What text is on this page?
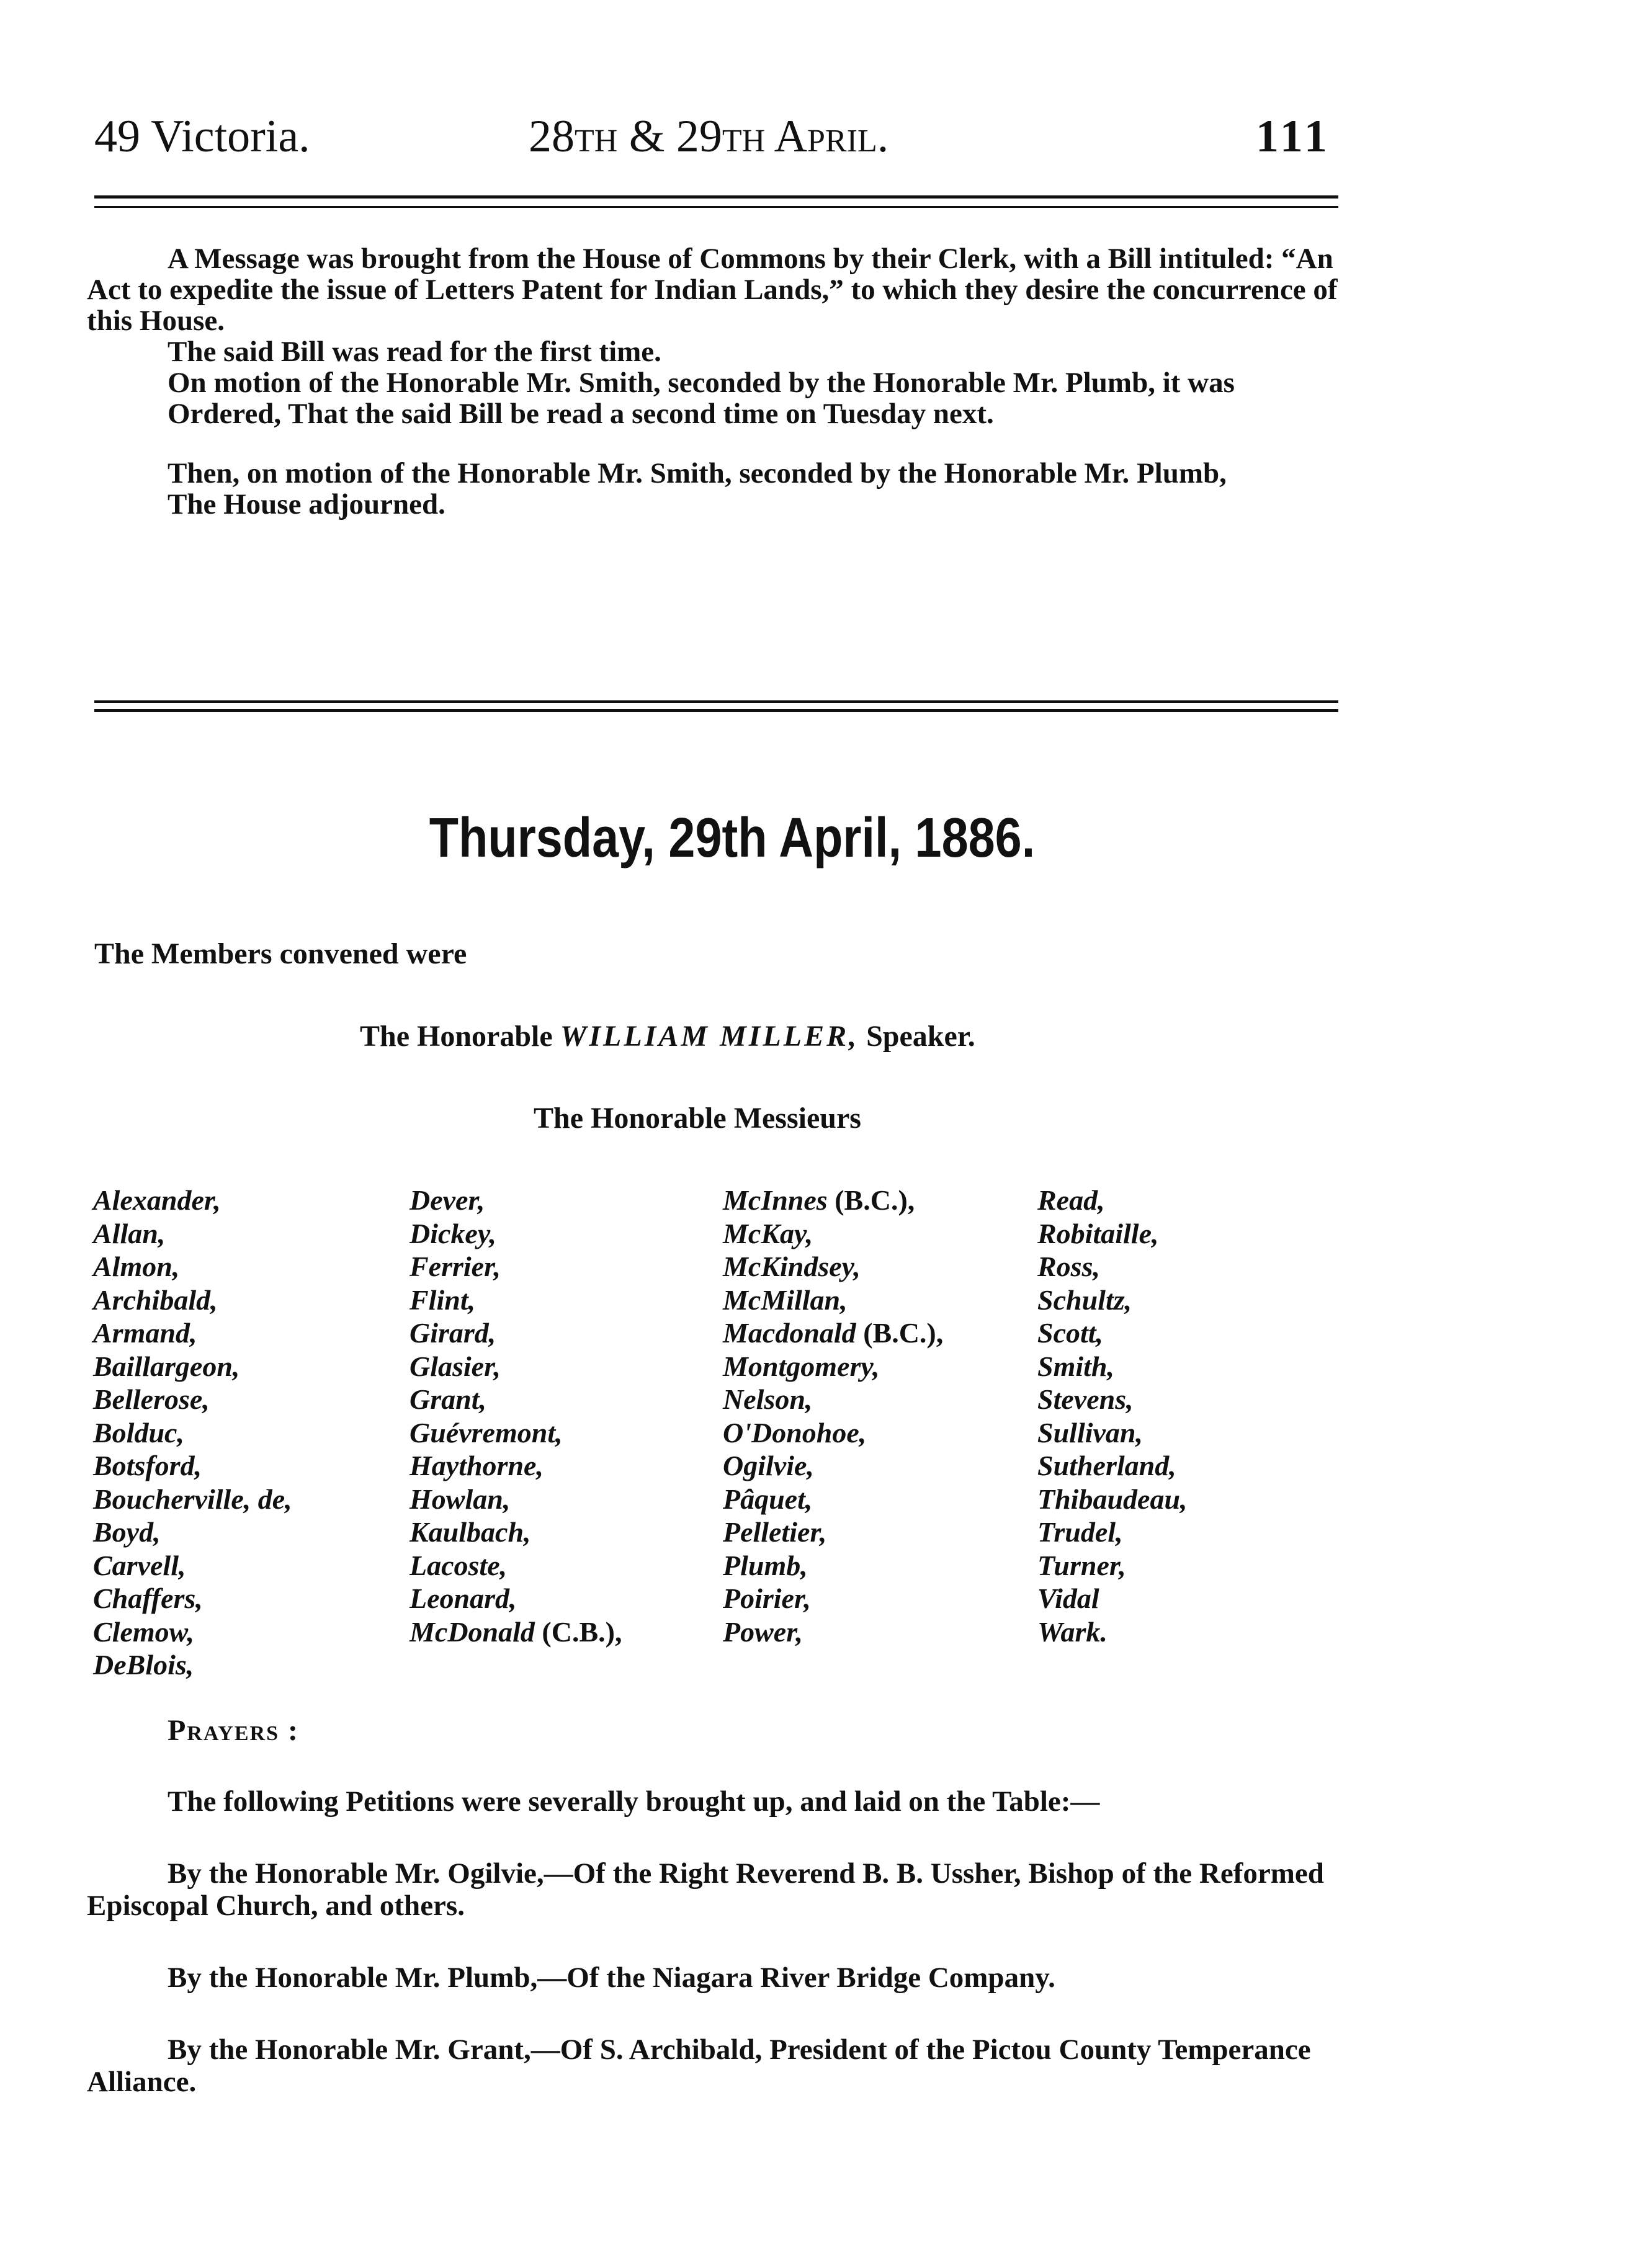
49 Victoria.	28th & 29th April.	111

A Message was brought from the House of Commons by their Clerk, with a Bill intituled: “An Act to expedite the issue of Letters Patent for Indian Lands,” to which they desire the concurrence of this House.

The said Bill was read for the first time.

On motion of the Honorable Mr. Smith, seconded by the Honorable Mr. Plumb, it was

Ordered, That the said Bill be read a second time on Tuesday next.

Then, on motion of the Honorable Mr. Smith, seconded by the Honorable Mr. Plumb,

The House adjourned.

Thursday, 29th April, 1886.
The Members convened were
The Honorable WILLIAM MILLER, Speaker.
The Honorable Messieurs
Alexander,
Allan,
Almon,
Archibald,
Armand,
Baillargeon,
Bellerose,
Bolduc,
Botsford,
Boucherville, de,
Boyd,
Carvell,
Chaffers,
Clemow,
DeBlois,
Dever,
Dickey,
Ferrier,
Flint,
Girard,
Glasier,
Grant,
Guévremont,
Haythorne,
Howlan,
Kaulbach,
Lacoste,
Leonard,
McDonald (C.B.),
McInnes (B.C.),
McKay,
McKindsey,
McMillan,
Macdonald (B.C.),
Montgomery,
Nelson,
O'Donohoe,
Ogilvie,
Pâquet,
Pelletier,
Plumb,
Poirier,
Power,
Read,
Robitaille,
Ross,
Schultz,
Scott,
Smith,
Stevens,
Sullivan,
Sutherland,
Thibaudeau,
Trudel,
Turner,
Vidal
Wark.
Prayers :

The following Petitions were severally brought up, and laid on the Table:—

By the Honorable Mr. Ogilvie,—Of the Right Reverend B. B. Ussher, Bishop of the Reformed Episcopal Church, and others.

By the Honorable Mr. Plumb,—Of the Niagara River Bridge Company.

By the Honorable Mr. Grant,—Of S. Archibald, President of the Pictou County Temperance Alliance.
